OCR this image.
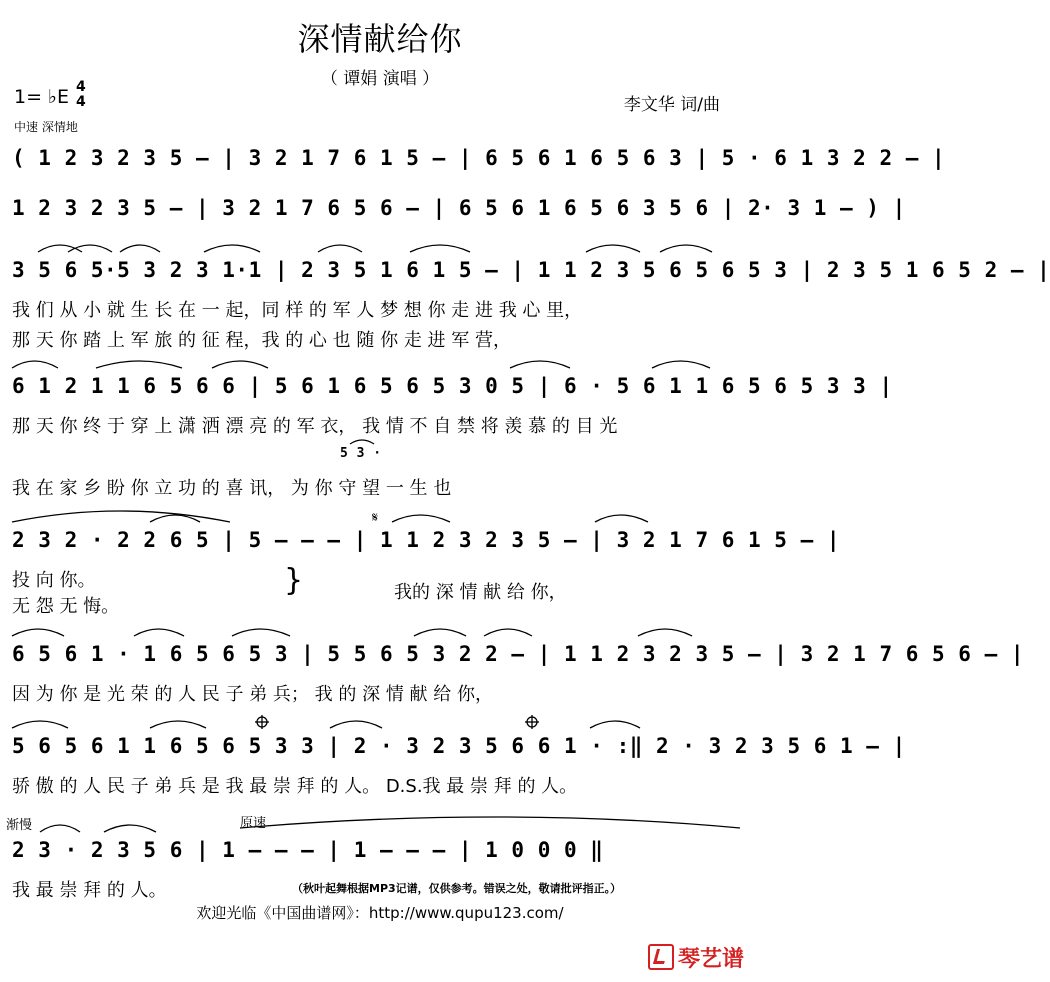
深情献给你
（ 谭娟 演唱 ）
1= ♭E 4
4	李文华 词/曲
中速 深情地
( 1 2 3 2 3 5 – | 3 2 1 7 6 1 5 – | 6 5 6 1 6 5 6 3 | 5 · 6 1 3 2 2 – |
1 2 3 2 3 5 – | 3 2 1 7 6 5 6 – | 6 5 6 1 6 5 6 3 5 6 | 2· 3 1 – ) |
3 5 6 5·5 3 2 3 1·1 | 2 3 5 1 6 1 5 – | 1 1 2 3 5 6 5 6 5 3 | 2 3 5 1 6 5 2 – |
我 们 从 小 就 生 长 在 一 起，同 样 的 军 人 梦 想 你 走 进 我 心 里，
那 天 你 踏 上 军 旅 的 征 程，我 的 心 也 随 你 走 进 军 营，
6 1 2 1 1 6 5 6 6 | 5 6 1 6 5 6 5 3 0 5 | 6 · 5 6 1 1 6 5 6 5 3 3 |
那 天 你 终 于 穿 上 潇 洒 漂 亮 的 军 衣， 我 情 不 自 禁 将 羡 慕 的 目 光
5 3 ·
我 在 家 乡 盼 你 立 功 的 喜 讯， 为 你 守 望 一 生 也
2 3 2 · 2 2 6 5 | 5 – – – | 1 1 2 3 2 3 5 – | 3 2 1 7 6 1 5 – |
投 向 你。
无 怨 无 悔。
}	我的 深 情 献 给 你，
6 5 6 1 · 1 6 5 6 5 3 | 5 5 6 5 3 2 2 – | 1 1 2 3 2 3 5 – | 3 2 1 7 6 5 6 – |
因 为 你 是 光 荣 的 人 民 子 弟 兵； 我 的 深 情 献 给 你，
5 6 5 6 1 1 6 5 6 5 3 3 | 2 · 3 2 3 5 6 6 1 · :‖ 2 · 3 2 3 5 6 1 – |
骄 傲 的 人 民 子 弟 兵 是 我 最 崇 拜 的 人。 D.S.我 最 崇 拜 的 人。
渐慢	原速
2 3 · 2 3 5 6 | 1 – – – | 1 – – – | 1 0 0 0 ‖
我 最 崇 拜 的 人。	（秋叶起舞根据MP3记谱，仅供参考。错误之处，敬请批评指正。）
欢迎光临《中国曲谱网》：http://www.qupu123.com/
琴艺谱
𝄋
